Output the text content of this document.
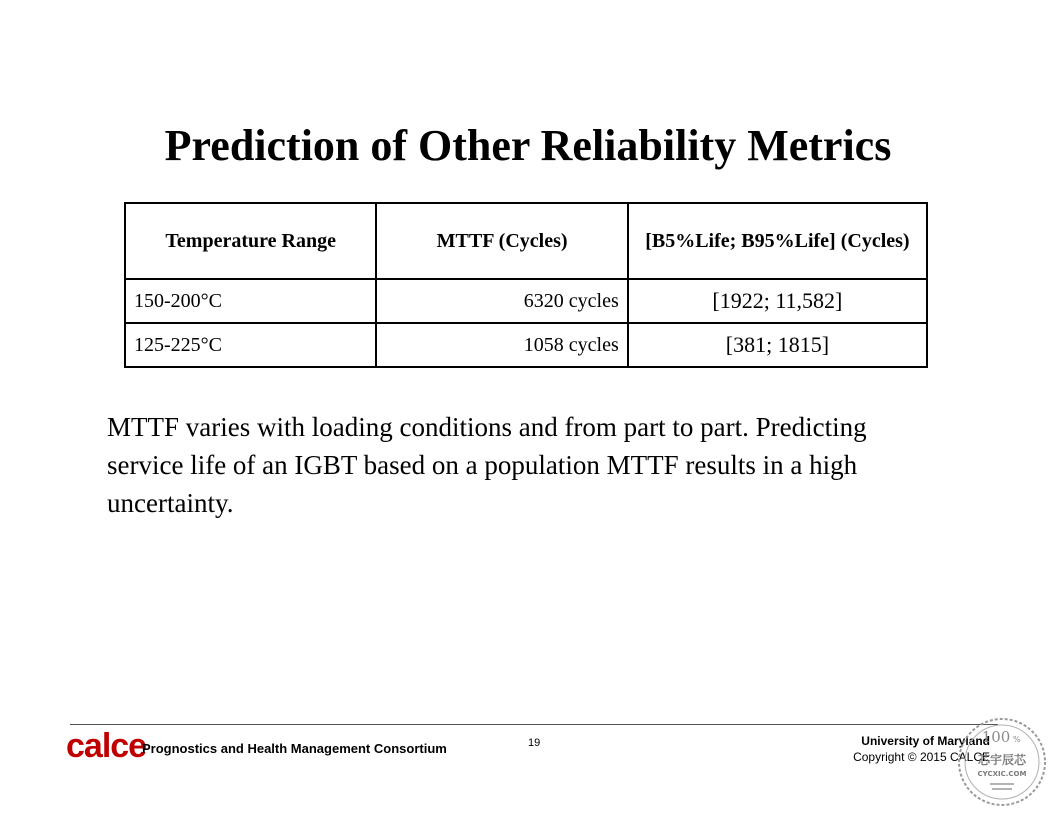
Prediction of Other Reliability Metrics
Temperature Range	MTTF (Cycles)	[B5%Life; B95%Life] (Cycles)
150-200°C	6320 cycles	[1922; 11,582]
125-225°C	1058 cycles	[381; 1815]

MTTF varies with loading conditions and from part to part. Predicting service life of an IGBT based on a population MTTF results in a high uncertainty.

calce
Prognostics and Health Management Consortium	19	University of Maryland
Copyright © 2015 CALCE
100 %
芯宇辰芯
CYCXIC.COM
